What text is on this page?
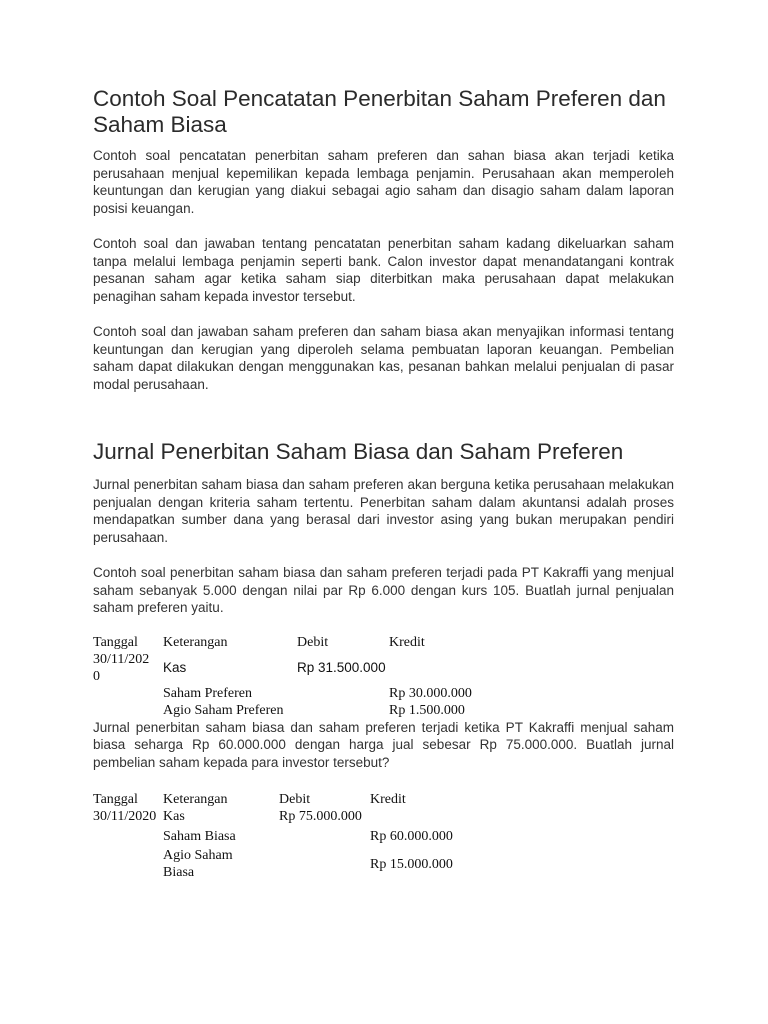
Contoh Soal Pencatatan Penerbitan Saham Preferen dan Saham Biasa

Contoh soal pencatatan penerbitan saham preferen dan sahan biasa akan terjadi ketika perusahaan menjual kepemilikan kepada lembaga penjamin. Perusahaan akan memperoleh keuntungan dan kerugian yang diakui sebagai agio saham dan disagio saham dalam laporan posisi keuangan.

Contoh soal dan jawaban tentang pencatatan penerbitan saham kadang dikeluarkan saham tanpa melalui lembaga penjamin seperti bank. Calon investor dapat menandatangani kontrak pesanan saham agar ketika saham siap diterbitkan maka perusahaan dapat melakukan penagihan saham kepada investor tersebut.

Contoh soal dan jawaban saham preferen dan saham biasa akan menyajikan informasi tentang keuntungan dan kerugian yang diperoleh selama pembuatan laporan keuangan. Pembelian saham dapat dilakukan dengan menggunakan kas, pesanan bahkan melalui penjualan di pasar modal perusahaan.

Jurnal Penerbitan Saham Biasa dan Saham Preferen

Jurnal penerbitan saham biasa dan saham preferen akan berguna ketika perusahaan melakukan penjualan dengan kriteria saham tertentu. Penerbitan saham dalam akuntansi adalah proses mendapatkan sumber dana yang berasal dari investor asing yang bukan merupakan pendiri perusahaan.

Contoh soal penerbitan saham biasa dan saham preferen terjadi pada PT Kakraffi yang menjual saham sebanyak 5.000 dengan nilai par Rp 6.000 dengan kurs 105. Buatlah jurnal penjualan saham preferen yaitu.

Tanggal	Keterangan	Debit	Kredit
30/11/202
0	Kas	Rp 31.500.000	
	Saham Preferen		Rp 30.000.000
	Agio Saham Preferen		Rp 1.500.000

Jurnal penerbitan saham biasa dan saham preferen terjadi ketika PT Kakraffi menjual saham biasa seharga Rp 60.000.000 dengan harga jual sebesar Rp 75.000.000. Buatlah jurnal pembelian saham kepada para investor tersebut?

Tanggal	Keterangan	Debit	Kredit
30/11/2020	Kas	Rp 75.000.000	
	Saham Biasa		Rp 60.000.000
	Agio Saham
Biasa		Rp 15.000.000
